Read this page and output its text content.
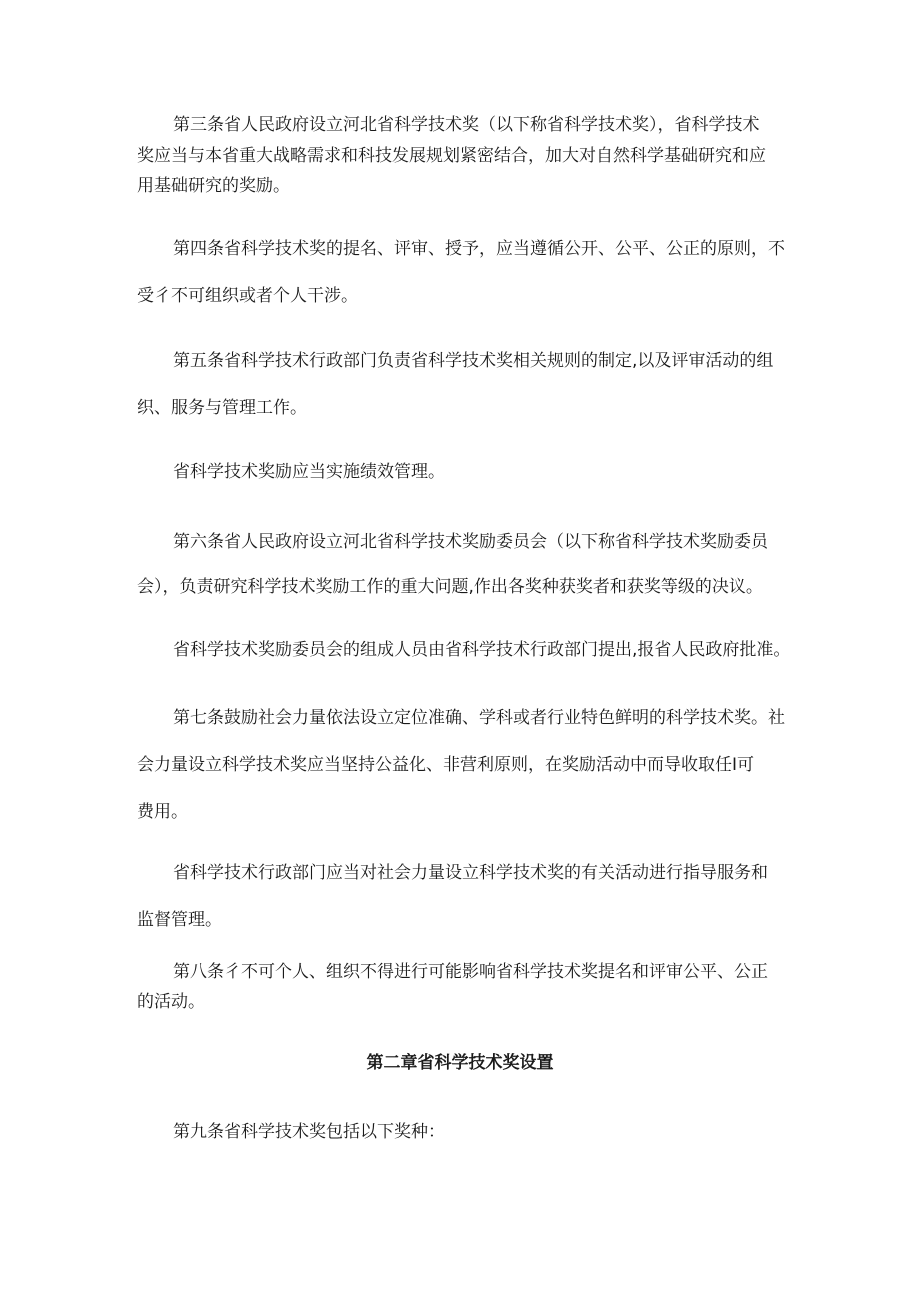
第三条省人民政府设立河北省科学技术奖（以下称省科学技术奖），省科学技术
奖应当与本省重大战略需求和科技发展规划紧密结合，加大对自然科学基础研究和应
用基础研究的奖励。
第四条省科学技术奖的提名、评审、授予，应当遵循公开、公平、公正的原则，不
受彳不可组织或者个人干涉。
第五条省科学技术行政部门负责省科学技术奖相关规则的制定,以及评审活动的组
织、服务与管理工作。
省科学技术奖励应当实施绩效管理。
第六条省人民政府设立河北省科学技术奖励委员会（以下称省科学技术奖励委员
会），负责研究科学技术奖励工作的重大问题,作出各奖种获奖者和获奖等级的决议。
省科学技术奖励委员会的组成人员由省科学技术行政部门提出,报省人民政府批准。
第七条鼓励社会力量依法设立定位准确、学科或者行业特色鲜明的科学技术奖。社
会力量设立科学技术奖应当坚持公益化、非营利原则，在奖励活动中而导收取任Ⅰ可
费用。
省科学技术行政部门应当对社会力量设立科学技术奖的有关活动进行指导服务和
监督管理。
第八条彳不可个人、组织不得进行可能影响省科学技术奖提名和评审公平、公正
的活动。
第二章省科学技术奖设置
第九条省科学技术奖包括以下奖种：
